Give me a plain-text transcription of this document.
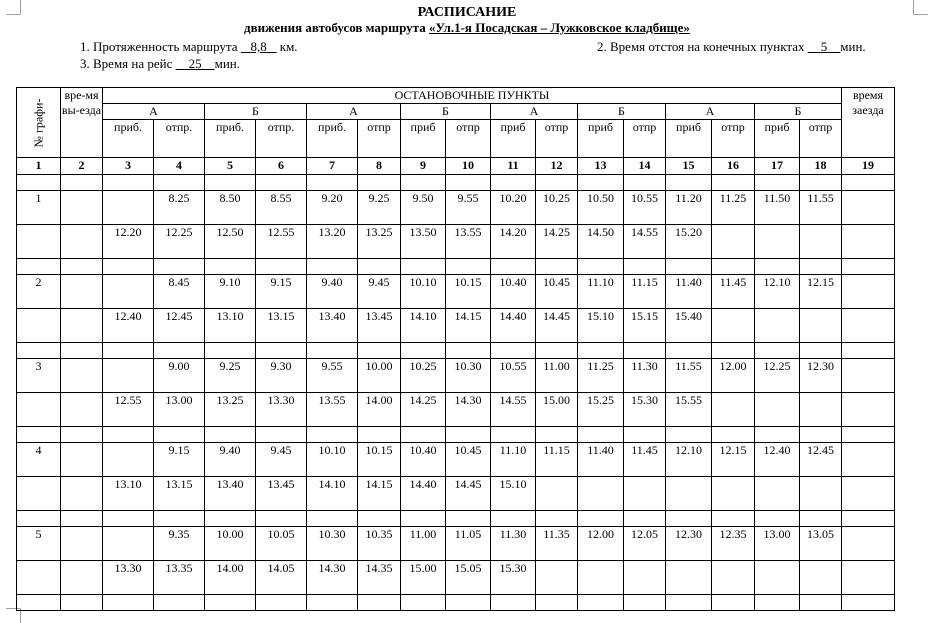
РАСПИСАНИЕ
движения автобусов маршрута «Ул.1-я Посадская – Лужковское кладбище»
1. Протяженность маршрута 8,8 км.	2. Время отстоя на конечных пунктах 5 мин.
3. Время на рейс 25 мин.
№ графи-	вре-мя вы-езда	ОСТАНОВОЧНЫЕ ПУНКТЫ																время заезда

		А		Б		А		Б		А		Б		А		Б		
		приб.	отпр.	приб.	отпр.	приб.	отпр	приб	отпр	приб	отпр	приб	отпр	приб	отпр	приб	отпр	
1	2	3	4	5	6	7	8	9	10	11	12	13	14	15	16	17	18	19

1			8.25	8.50	8.55	9.20	9.25	9.50	9.55	10.20	10.25	10.50	10.55	11.20	11.25	11.50	11.55	
		12.20	12.25	12.50	12.55	13.20	13.25	13.50	13.55	14.20	14.25	14.50	14.55	15.20				

2			8.45	9.10	9.15	9.40	9.45	10.10	10.15	10.40	10.45	11.10	11.15	11.40	11.45	12.10	12.15	
		12.40	12.45	13.10	13.15	13.40	13.45	14.10	14.15	14.40	14.45	15.10	15.15	15.40				

3			9.00	9.25	9.30	9.55	10.00	10.25	10.30	10.55	11.00	11.25	11.30	11.55	12.00	12.25	12.30	
		12.55	13.00	13.25	13.30	13.55	14.00	14.25	14.30	14.55	15.00	15.25	15.30	15.55				

4			9.15	9.40	9.45	10.10	10.15	10.40	10.45	11.10	11.15	11.40	11.45	12.10	12.15	12.40	12.45	
		13.10	13.15	13.40	13.45	14.10	14.15	14.40	14.45	15.10								

5			9.35	10.00	10.05	10.30	10.35	11.00	11.05	11.30	11.35	12.00	12.05	12.30	12.35	13.00	13.05	
		13.30	13.35	14.00	14.05	14.30	14.35	15.00	15.05	15.30								
